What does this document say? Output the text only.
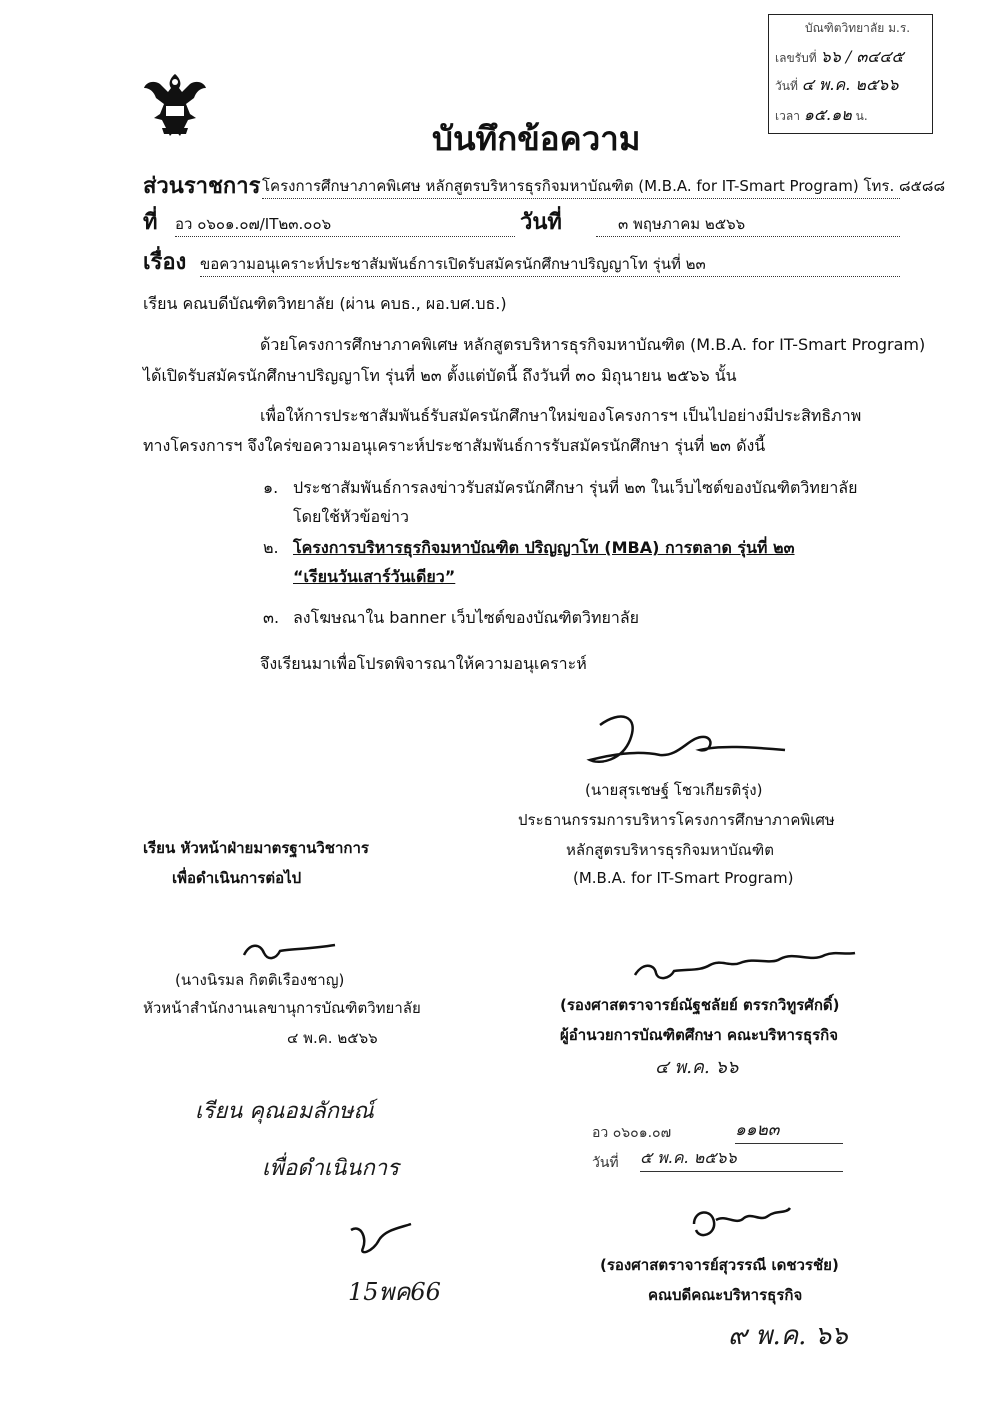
บัณฑิตวิทยาลัย ม.ร.
เลขรับที่ ๖๖ / ๓๔๔๕
วันที่ ๔ พ.ค. ๒๕๖๖
เวลา ๑๕.๑๒ น.
บันทึกข้อความ
ส่วนราชการ โครงการศึกษาภาคพิเศษ หลักสูตรบริหารธุรกิจมหาบัณฑิต (M.B.A. for IT-Smart Program) โทร. ๘๕๘๘
ที่ อว ๐๖๐๑.๐๗/IT๒๓.๐๐๖	วันที่	๓ พฤษภาคม ๒๕๖๖
เรื่อง ขอความอนุเคราะห์ประชาสัมพันธ์การเปิดรับสมัครนักศึกษาปริญญาโท รุ่นที่ ๒๓
เรียน คณบดีบัณฑิตวิทยาลัย (ผ่าน คบธ., ผอ.บศ.บธ.)
ด้วยโครงการศึกษาภาคพิเศษ หลักสูตรบริหารธุรกิจมหาบัณฑิต (M.B.A. for IT-Smart Program)
ได้เปิดรับสมัครนักศึกษาปริญญาโท รุ่นที่ ๒๓ ตั้งแต่บัดนี้ ถึงวันที่ ๓๐ มิถุนายน ๒๕๖๖ นั้น
เพื่อให้การประชาสัมพันธ์รับสมัครนักศึกษาใหม่ของโครงการฯ เป็นไปอย่างมีประสิทธิภาพ
ทางโครงการฯ จึงใคร่ขอความอนุเคราะห์ประชาสัมพันธ์การรับสมัครนักศึกษา รุ่นที่ ๒๓ ดังนี้
๑. ประชาสัมพันธ์การลงข่าวรับสมัครนักศึกษา รุ่นที่ ๒๓ ในเว็บไซต์ของบัณฑิตวิทยาลัย
โดยใช้หัวข้อข่าว
๒. โครงการบริหารธุรกิจมหาบัณฑิต ปริญญาโท (MBA) การตลาด รุ่นที่ ๒๓
“เรียนวันเสาร์วันเดียว”
๓. ลงโฆษณาใน banner เว็บไซต์ของบัณฑิตวิทยาลัย
จึงเรียนมาเพื่อโปรดพิจารณาให้ความอนุเคราะห์
(นายสุรเชษฐ์ โชวเกียรติรุ่ง)
ประธานกรรมการบริหารโครงการศึกษาภาคพิเศษ
หลักสูตรบริหารธุรกิจมหาบัณฑิต
(M.B.A. for IT-Smart Program)
เรียน หัวหน้าฝ่ายมาตรฐานวิชาการ
เพื่อดำเนินการต่อไป
(นางนิรมล กิตติเรืองชาญ)
หัวหน้าสำนักงานเลขานุการบัณฑิตวิทยาลัย
๔ พ.ค. ๒๕๖๖
(รองศาสตราจารย์ณัฐชลัยย์ ตรรกวิทูรศักดิ์)
ผู้อำนวยการบัณฑิตศึกษา คณะบริหารธุรกิจ
๔ พ.ค. ๖๖
อว ๐๖๐๑.๐๗	๑๑๒๓
วันที่ ๕ พ.ค. ๒๕๖๖
(รองศาสตราจารย์สุวรรณี เดชวรชัย)
คณบดีคณะบริหารธุรกิจ
๙ พ.ค. ๖๖
เรียน คุณอมลักษณ์
เพื่อดำเนินการ
15พค66
